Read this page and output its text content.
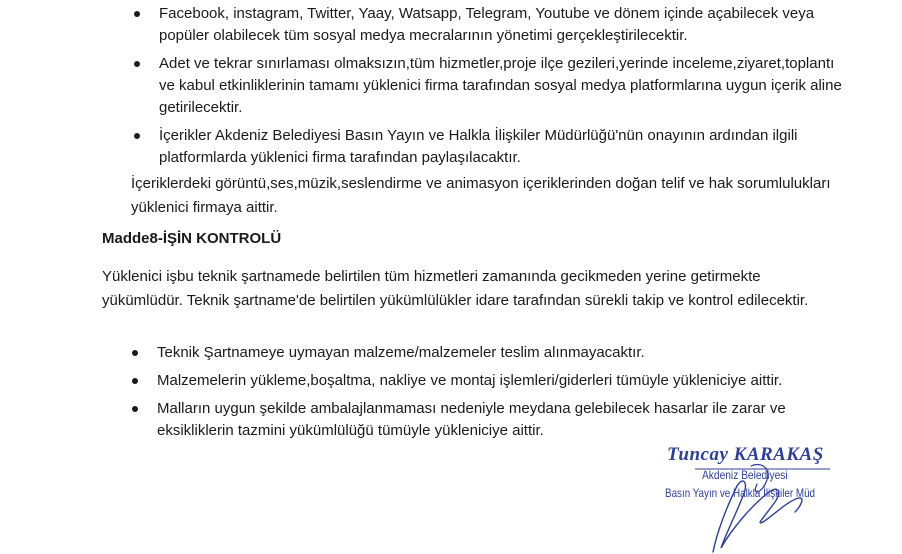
Facebook, instagram, Twitter, Yaay, Watsapp, Telegram, Youtube ve dönem içinde açabilecek veya popüler olabilecek tüm sosyal medya mecralarının yönetimi gerçekleştirilecektir.
Adet ve tekrar sınırlaması olmaksızın,tüm hizmetler,proje ilçe gezileri,yerinde inceleme,ziyaret,toplantı ve kabul etkinliklerinin tamamı yüklenici firma tarafından sosyal medya platformlarına uygun içerik aline getirilecektir.
İçerikler Akdeniz Belediyesi Basın Yayın ve Halkla İlişkiler Müdürlüğü'nün onayının ardından ilgili platformlarda yüklenici firma tarafından paylaşılacaktır.

İçeriklerdeki görüntü,ses,müzik,seslendirme ve animasyon içeriklerinden doğan telif ve hak sorumlulukları yüklenici firmaya aittir.

Madde8-İŞİN KONTROLÜ

Yüklenici işbu teknik şartnamede belirtilen tüm hizmetleri zamanında gecikmeden yerine getirmekte yükümlüdür. Teknik şartname'de belirtilen yükümlülükler idare tarafından sürekli takip ve kontrol edilecektir.

Teknik Şartnameye uymayan malzeme/malzemeler teslim alınmayacaktır.
Malzemelerin yükleme,boşaltma, nakliye ve montaj işlemleri/giderleri tümüyle yükleniciye aittir.
Malların uygun şekilde ambalajlanmaması nedeniyle meydana gelebilecek hasarlar ile zarar ve eksikliklerin tazmini yükümlülüğü tümüyle yükleniciye aittir.
Tuncay KARAKAŞ
Akdeniz Belediyesi
Basın Yayın ve Halkla İlişkiler Müd
